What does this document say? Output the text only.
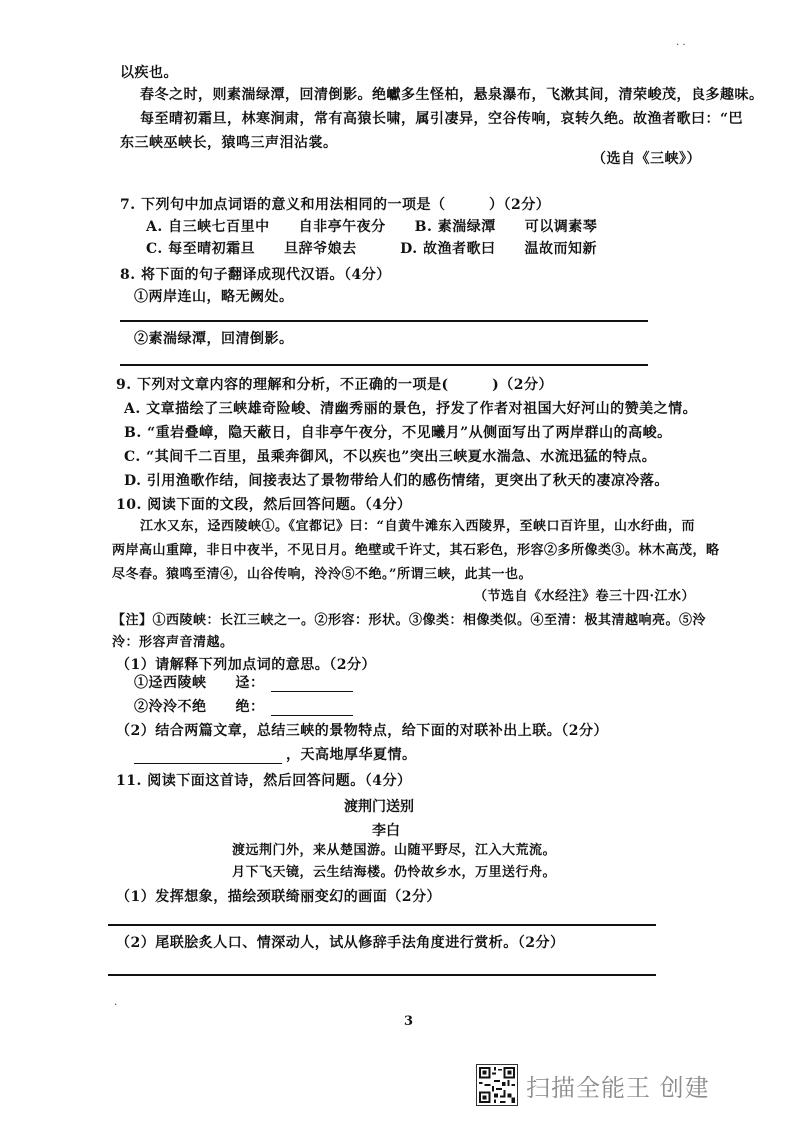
· ·
以疾也。
春冬之时，则素湍绿潭，回清倒影。绝巘多生怪柏，悬泉瀑布，飞漱其间，清荣峻茂，良多趣味。
每至晴初霜旦，林寒涧肃，常有高猿长啸，属引凄异，空谷传响，哀转久绝。故渔者歌曰：“巴
东三峡巫峡长，猿鸣三声泪沾裳。
（选自《三峡》）
7. 下列句中加点词语的意义和用法相同的一项是（　　　）（2分）
A. 自三峡七百里中　　自非亭午夜分　　B. 素湍绿潭　　可以调素琴
C. 每至晴初霜旦　　旦辞爷娘去　　　D. 故渔者歌曰　　温故而知新
8. 将下面的句子翻译成现代汉语。（4分）
①两岸连山，略无阙处。
②素湍绿潭，回清倒影。
9. 下列对文章内容的理解和分析，不正确的一项是(　　　)（2分）
A. 文章描绘了三峡雄奇险峻、清幽秀丽的景色，抒发了作者对祖国大好河山的赞美之情。
B. “重岩叠嶂，隐天蔽日，自非亭午夜分，不见曦月”从侧面写出了两岸群山的高峻。
C. “其间千二百里，虽乘奔御风，不以疾也”突出三峡夏水湍急、水流迅猛的特点。
D. 引用渔歌作结，间接表达了景物带给人们的感伤情绪，更突出了秋天的凄凉冷落。
10. 阅读下面的文段，然后回答问题。（4分）
江水又东，迳西陵峡①。《宜都记》曰：“自黄牛滩东入西陵界，至峡口百许里，山水纡曲，而
两岸高山重障，非日中夜半，不见日月。绝壁或千许丈，其石彩色，形容②多所像类③。林木高茂，略
尽冬春。猿鸣至清④，山谷传响，泠泠⑤不绝。”所谓三峡，此其一也。
（节选自《水经注》卷三十四·江水）
【注】①西陵峡：长江三峡之一。②形容：形状。③像类：相像类似。④至清：极其清越响亮。⑤泠
泠：形容声音清越。
（1）请解释下列加点词的意思。（2分）
①迳西陵峡　　迳：
②泠泠不绝　　绝：
（2）结合两篇文章，总结三峡的景物特点，给下面的对联补出上联。（2分）
，天高地厚华夏情。
11. 阅读下面这首诗，然后回答问题。（4分）
渡荆门送别
李白
渡远荆门外，来从楚国游。山随平野尽，江入大荒流。
月下飞天镜，云生结海楼。仍怜故乡水，万里送行舟。
（1）发挥想象，描绘颈联绮丽变幻的画面（2分）
（2）尾联脍炙人口、情深动人，试从修辞手法角度进行赏析。（2分）
·
3
扫描全能王 创建
